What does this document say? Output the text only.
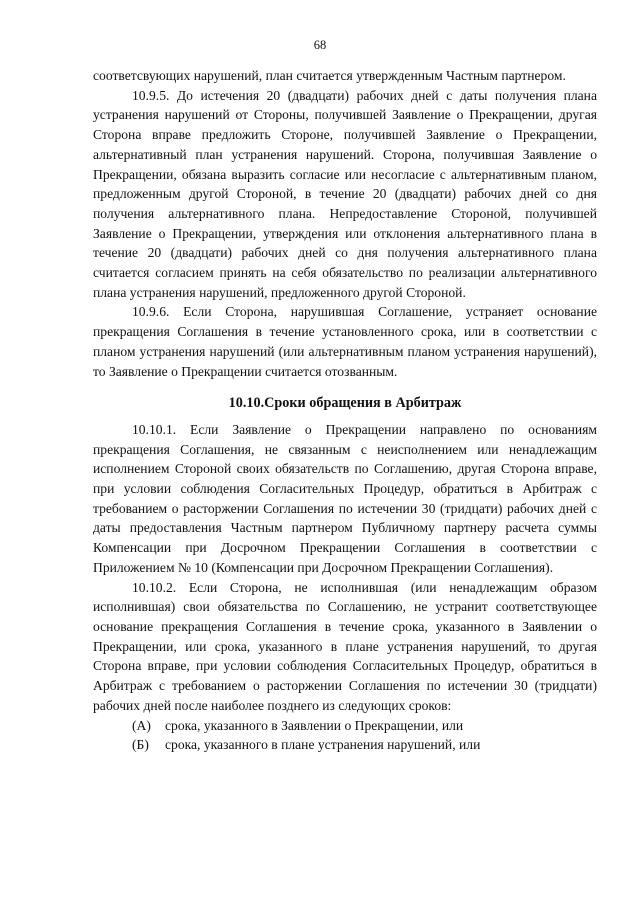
68

соответсвующих нарушений, план считается утвержденным Частным партнером.

10.9.5. До истечения 20 (двадцати) рабочих дней с даты получения плана устранения нарушений от Стороны, получившей Заявление о Прекращении, другая Сторона вправе предложить Стороне, получившей Заявление о Прекращении, альтернативный план устранения нарушений. Сторона, получившая Заявление о Прекращении, обязана выразить согласие или несогласие с альтернативным планом, предложенным другой Стороной, в течение 20 (двадцати) рабочих дней со дня получения альтернативного плана. Непредоставление Стороной, получившей Заявление о Прекращении, утверждения или отклонения альтернативного плана в течение 20 (двадцати) рабочих дней со дня получения альтернативного плана считается согласием принять на себя обязательство по реализации альтернативного плана устранения нарушений, предложенного другой Стороной.

10.9.6. Если Сторона, нарушившая Соглашение, устраняет основание прекращения Соглашения в течение установленного срока, или в соответствии с планом устранения нарушений (или альтернативным планом устранения нарушений), то Заявление о Прекращении считается отозванным.

10.10.Сроки обращения в Арбитраж

10.10.1. Если Заявление о Прекращении направлено по основаниям прекращения Соглашения, не связанным с неисполнением или ненадлежащим исполнением Стороной своих обязательств по Соглашению, другая Сторона вправе, при условии соблюдения Согласительных Процедур, обратиться в Арбитраж с требованием о расторжении Соглашения по истечении 30 (тридцати) рабочих дней с даты предоставления Частным партнером Публичному партнеру расчета суммы Компенсации при Досрочном Прекращении Соглашения в соответствии с Приложением № 10 (Компенсации при Досрочном Прекращении Соглашения).

10.10.2. Если Сторона, не исполнившая (или ненадлежащим образом исполнившая) свои обязательства по Соглашению, не устранит соответствующее основание прекращения Соглашения в течение срока, указанного в Заявлении о Прекращении, или срока, указанного в плане устранения нарушений, то другая Сторона вправе, при условии соблюдения Согласительных Процедур, обратиться в Арбитраж с требованием о расторжении Соглашения по истечении 30 (тридцати) рабочих дней после наиболее позднего из следующих сроков:

(А)	срока, указанного в Заявлении о Прекращении, или
(Б)	срока, указанного в плане устранения нарушений, или
